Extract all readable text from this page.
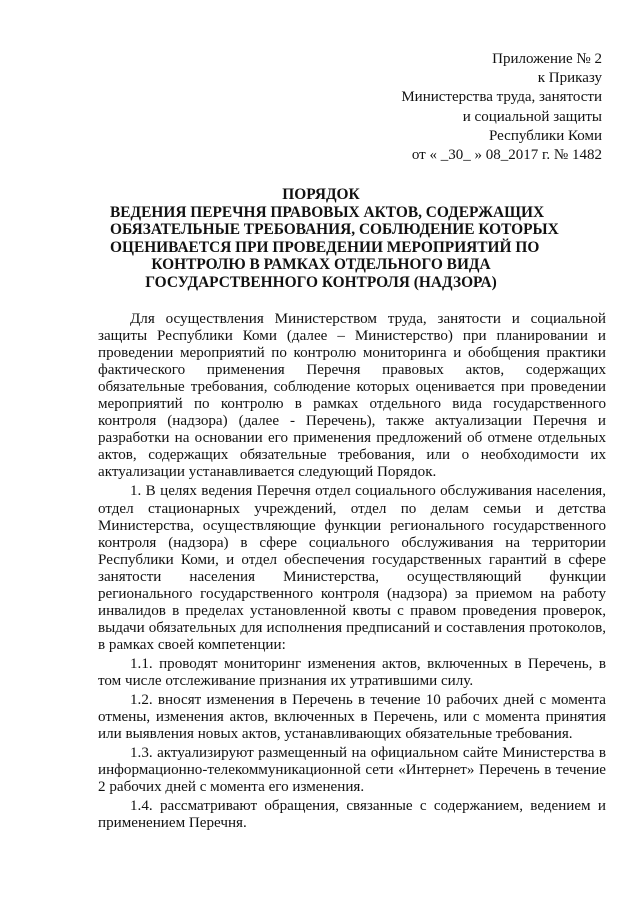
Приложение № 2
к Приказу
Министерства труда, занятости
и социальной защиты
Республики Коми
от « _30_ » 08_2017 г. № 1482
ПОРЯДОК
ВЕДЕНИЯ ПЕРЕЧНЯ ПРАВОВЫХ АКТОВ, СОДЕРЖАЩИХ
ОБЯЗАТЕЛЬНЫЕ ТРЕБОВАНИЯ, СОБЛЮДЕНИЕ КОТОРЫХ
ОЦЕНИВАЕТСЯ ПРИ ПРОВЕДЕНИИ МЕРОПРИЯТИЙ ПО
КОНТРОЛЮ В РАМКАХ ОТДЕЛЬНОГО ВИДА
ГОСУДАРСТВЕННОГО КОНТРОЛЯ (НАДЗОРА)

Для осуществления Министерством труда, занятости и социальной защиты Республики Коми (далее – Министерство) при планировании и проведении мероприятий по контролю мониторинга и обобщения практики фактического применения Перечня правовых актов, содержащих обязательные требования, соблюдение которых оценивается при проведении мероприятий по контролю в рамках отдельного вида государственного контроля (надзора) (далее - Перечень), также актуализации Перечня и разработки на основании его применения предложений об отмене отдельных актов, содержащих обязательные требования, или о необходимости их актуализации устанавливается следующий Порядок.

1. В целях ведения Перечня отдел социального обслуживания населения, отдел стационарных учреждений, отдел по делам семьи и детства Министерства, осуществляющие функции регионального государственного контроля (надзора) в сфере социального обслуживания на территории Республики Коми, и отдел обеспечения государственных гарантий в сфере занятости населения Министерства, осуществляющий функции регионального государственного контроля (надзора) за приемом на работу инвалидов в пределах установленной квоты с правом проведения проверок, выдачи обязательных для исполнения предписаний и составления протоколов, в рамках своей компетенции:

1.1. проводят мониторинг изменения актов, включенных в Перечень, в том числе отслеживание признания их утратившими силу.

1.2. вносят изменения в Перечень в течение 10 рабочих дней с момента отмены, изменения актов, включенных в Перечень, или с момента принятия или выявления новых актов, устанавливающих обязательные требования.

1.3. актуализируют размещенный на официальном сайте Министерства в информационно-телекоммуникационной сети «Интернет» Перечень в течение 2 рабочих дней с момента его изменения.

1.4. рассматривают обращения, связанные с содержанием, ведением и применением Перечня.
